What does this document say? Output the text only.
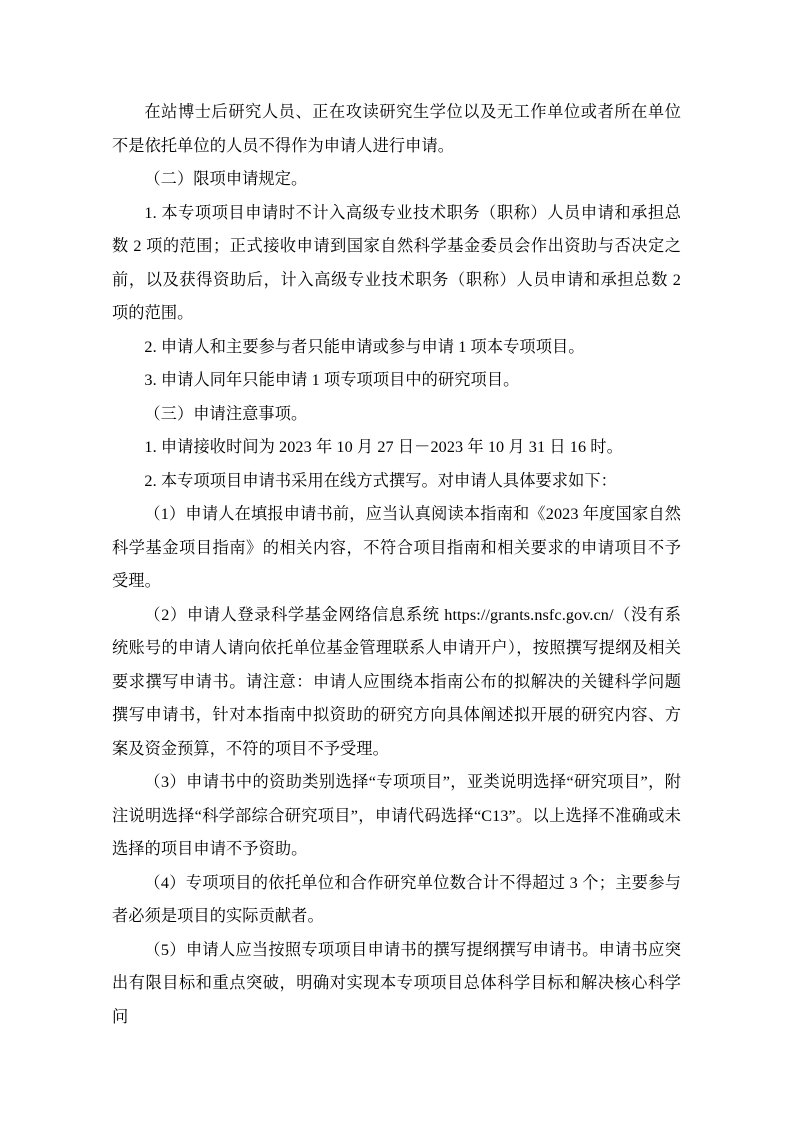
在站博士后研究人员、正在攻读研究生学位以及无工作单位或者所在单位不是依托单位的人员不得作为申请人进行申请。

（二）限项申请规定。

1. 本专项项目申请时不计入高级专业技术职务（职称）人员申请和承担总数 2 项的范围；正式接收申请到国家自然科学基金委员会作出资助与否决定之前，以及获得资助后，计入高级专业技术职务（职称）人员申请和承担总数 2 项的范围。

2. 申请人和主要参与者只能申请或参与申请 1 项本专项项目。

3. 申请人同年只能申请 1 项专项项目中的研究项目。

（三）申请注意事项。

1. 申请接收时间为 2023 年 10 月 27 日－2023 年 10 月 31 日 16 时。

2. 本专项项目申请书采用在线方式撰写。对申请人具体要求如下：

（1）申请人在填报申请书前，应当认真阅读本指南和《2023 年度国家自然科学基金项目指南》的相关内容，不符合项目指南和相关要求的申请项目不予受理。

（2）申请人登录科学基金网络信息系统 https://grants.nsfc.gov.cn/（没有系统账号的申请人请向依托单位基金管理联系人申请开户），按照撰写提纲及相关要求撰写申请书。请注意：申请人应围绕本指南公布的拟解决的关键科学问题撰写申请书，针对本指南中拟资助的研究方向具体阐述拟开展的研究内容、方案及资金预算，不符的项目不予受理。

（3）申请书中的资助类别选择“专项项目”，亚类说明选择“研究项目”，附注说明选择“科学部综合研究项目”，申请代码选择“C13”。以上选择不准确或未选择的项目申请不予资助。

（4）专项项目的依托单位和合作研究单位数合计不得超过 3 个；主要参与者必须是项目的实际贡献者。

（5）申请人应当按照专项项目申请书的撰写提纲撰写申请书。申请书应突出有限目标和重点突破，明确对实现本专项项目总体科学目标和解决核心科学问
